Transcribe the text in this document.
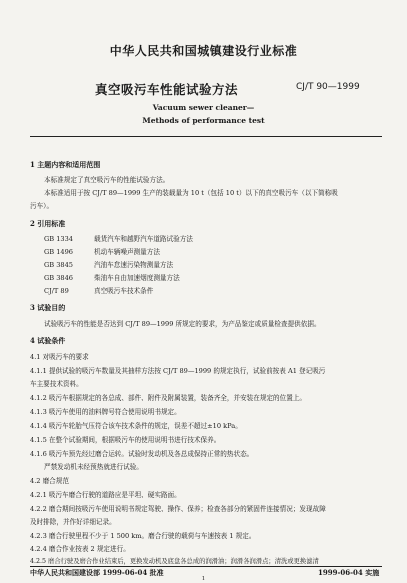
中华人民共和国城镇建设行业标准
真空吸污车性能试验方法	CJ/T 90—1999
Vacuum sewer cleaner—
Methods of performance test
1 主题内容和适用范围
本标准规定了真空吸污车的性能试验方法。
本标准适用于按 CJ/T 89—1999 生产的装载量为 10 t（包括 10 t）以下的真空吸污车（以下简称吸
污车）。
2 引用标准
GB 1334	载货汽车和越野汽车道路试验方法
GB 1496	机动车辆噪声测量方法
GB 3845	汽油车怠速污染物测量方法
GB 3846	柴油车自由加速烟度测量方法
CJ/T 89	真空吸污车技术条件
3 试验目的
试验吸污车的性能是否达到 CJ/T 89—1999 所规定的要求，为产品鉴定或质量检查提供依据。
4 试验条件
4.1 对吸污车的要求
4.1.1 提供试验的吸污车数量及其抽样方法按 CJ/T 89—1999 的规定执行，试验前按表 A1 登记吸污
车主要技术资料。
4.1.2 吸污车根据规定的各总成、部件、附件及附属装置，装备齐全，并安装在规定的位置上。
4.1.3 吸污车使用的油料牌号符合使用说明书规定。
4.1.4 吸污车轮胎气压符合该车技术条件的规定，误差不超过±10 kPa。
4.1.5 在整个试验期间，根据吸污车的使用说明书进行技术保养。
4.1.6 吸污车预先经过磨合运转。试验时发动机及各总成保持正常的热状态。
严禁发动机未经预热就进行试验。
4.2 磨合规范
4.2.1 吸污车磨合行驶的道路应是平坦、硬实路面。
4.2.2 磨合期间按吸污车使用说明书规定驾驶、操作、保养；检查各部分的紧固件连接情况；发现故障
及时排除，并作好详细记录。
4.2.3 磨合行驶里程不少于 1 500 km。磨合行驶的载荷与车速按表 1 规定。
4.2.4 磨合作业按表 2 规定进行。
4.2.5 磨合行驶及磨合作业结束后，更换发动机及底盘各总成的润滑油；润滑各润滑点；清洗或更换滤清
中华人民共和国建设部 1999-06-04 批准	1999-06-04 实施
1
